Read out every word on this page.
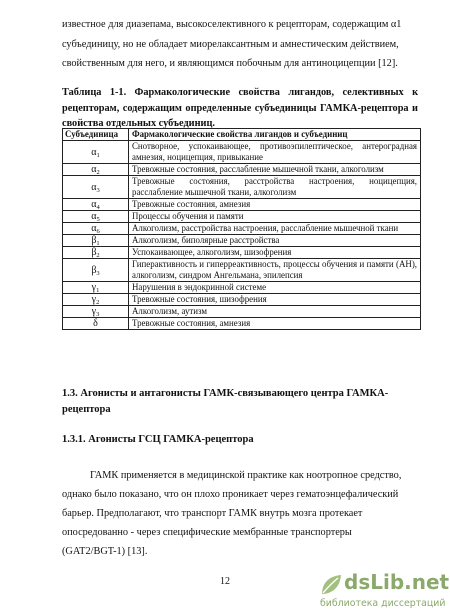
известное для диазепама, высокоселективного к рецепторам, содержащим α1
субъединицу, но не обладает миорелаксантным и амнестическим действием,
свойственным для него, и являющимся побочным для антиноцицепции [12].
Таблица 1-1. Фармакологические свойства лигандов, селективных к рецепторам, содержащим определенные субъединицы ГАМКА-рецептора и свойства отдельных субъединиц.
Субъединица	Фармакологические свойства лигандов и субъединиц
$\alpha_1$	Снотворное, успокаивающее, противоэпилептическое, антероградная амнезия, ноцицепция, привыкание
$\alpha_2$	Тревожные состояния, расслабление мышечной ткани, алкоголизм
$\alpha_3$	Тревожные состояния, расстройства настроения, ноцицепция, расслабление мышечной ткани, алкоголизм
$\alpha_4$	Тревожные состояния, амнезия
$\alpha_5$	Процессы обучения и памяти
$\alpha_6$	Алкоголизм, расстройства настроения, расслабление мышечной ткани
$\beta_1$	Алкоголизм, биполярные расстройства
$\beta_2$	Успокаивающее, алкоголизм, шизофрения
$\beta_3$	Гиперактивность и гиперреактивность, процессы обучения и памяти (АН), алкоголизм, синдром Ангельмана, эпилепсия
$\gamma_1$	Нарушения в эндокринной системе
$\gamma_2$	Тревожные состояния, шизофрения
$\gamma_3$	Алкоголизм, аутизм
δ	Тревожные состояния, амнезия
1.3. Агонисты и антагонисты ГАМК-связывающего центра ГАМКА-рецептора
1.3.1. Агонисты ГСЦ ГАМКА-рецептора
ГАМК применяется в медицинской практике как ноотропное средство,
однако было показано, что он плохо проникает через гематоэнцефалический
барьер. Предполагают, что транспорт ГАМК внутрь мозга протекает
опосредованно - через специфические мембранные транспортеры
(GAT2/BGT-1) [13].
12	dsLib.net
библиотека диссертаций
